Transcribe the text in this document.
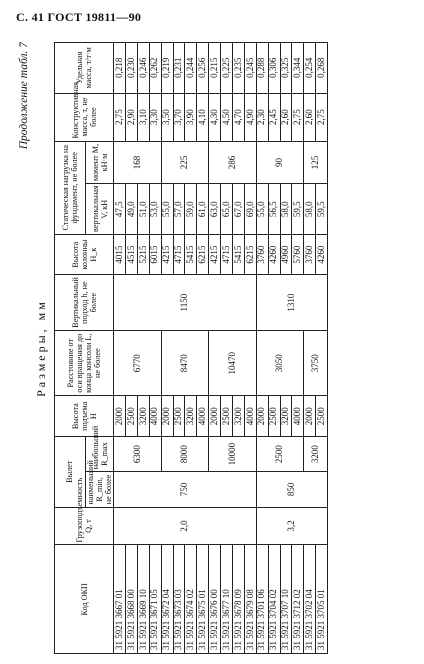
С. 41 ГОСТ 19811—90
Продолжение табл. 7
Размеры, мм
Код ОКП	Грузоподъемность Q, т	Вылет		Высота подъема H	Расстояние от оси вращения до конца консоли L, не более	Вертикальный подход h, не более	Высота колонны H_к	Статическая нагрузка на фундамент, не более		Конструктивная масса, т, не более	Удельная масса, т/т·м
		наименьший R_min, не более	наибольший R_max					вертикальная V, кН	момент М, кН·м		
31 5921 3667 01	2,0	750	6300	2000	6770	1150	4015	47,5	168	2,75	0,218
31 5921 3668 00				2500			4515	49,0		2,90	0,230
31 5921 3669 10				3200			5215	51,0		3,10	0,246
31 5921 3671 05				4000			6015	53,0		3,30	0,262
31 5921 3672 04			8000	2000	8470		4215	55,0	225	3,50	0,219
31 5921 3673 03				2500			4715	57,0		3,70	0,231
31 5921 3674 02				3200			5415	59,0		3,90	0,244
31 5921 3675 01				4000			6215	61,0		4,10	0,256
31 5921 3676 00			10000	2000	10470		4215	63,0	286	4,30	0,215
31 5921 3677 10				2500			4715	65,0		4,50	0,225
31 5921 3678 09				3200			5415	67,0		4,70	0,235
31 5921 3679 08				4000			6215	69,0		4,90	0,245
31 5921 3701 06	3,2	850	2500	2000	3050	1310	3760	55,0	90	2,30	0,288
31 5921 3704 02				2500			4260	56,5		2,45	0,306
31 5921 3707 10				3200			4960	58,0		2,60	0,325
31 5921 3712 02				4000			5760	59,5		2,75	0,344
31 5921 3702 04			3200	2000	3750		3760	58,0	125	2,60	0,254
31 5921 3705 01				2500			4260	59,5		2,75	0,268
